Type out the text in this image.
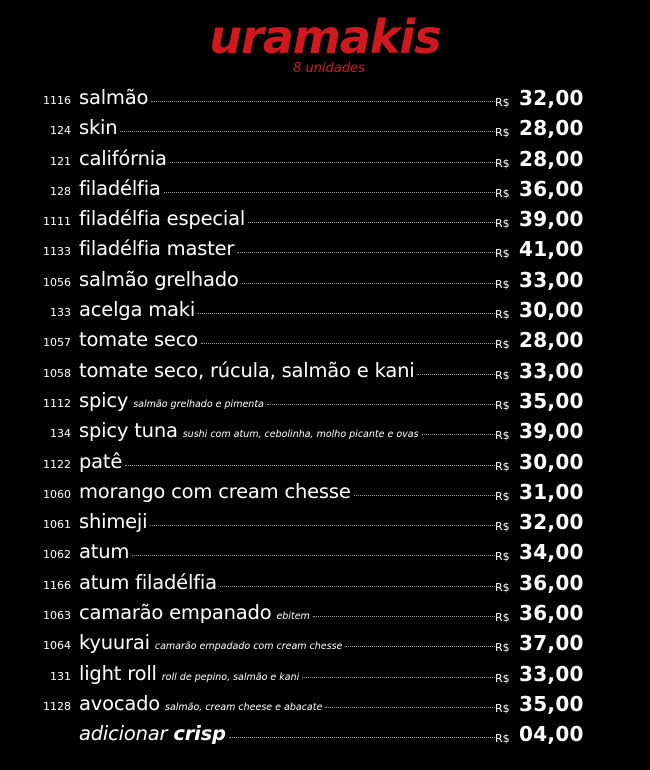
uramakis
8 unidades
1116 salmão	R$ 32,00
124 skin	R$ 28,00
121 califórnia	R$ 28,00
128 filadélfia	R$ 36,00
1111 filadélfia especial	R$ 39,00
1133 filadélfia master	R$ 41,00
1056 salmão grelhado	R$ 33,00
133 acelga maki	R$ 30,00
1057 tomate seco	R$ 28,00
1058 tomate seco, rúcula, salmão e kani	R$ 33,00
1112 spicy salmão grelhado e pimenta	R$ 35,00
134 spicy tuna sushi com atum, cebolinha, molho picante e ovas	R$ 39,00
1122 patê	R$ 30,00
1060 morango com cream chesse	R$ 31,00
1061 shimeji	R$ 32,00
1062 atum	R$ 34,00
1166 atum filadélfia	R$ 36,00
1063 camarão empanado ebitem	R$ 36,00
1064 kyuurai camarão empadado com cream chesse	R$ 37,00
131 light roll roll de pepino, salmão e kani	R$ 33,00
1128 avocado salmão, cream cheese e abacate	R$ 35,00
adicionar crisp	R$ 04,00
